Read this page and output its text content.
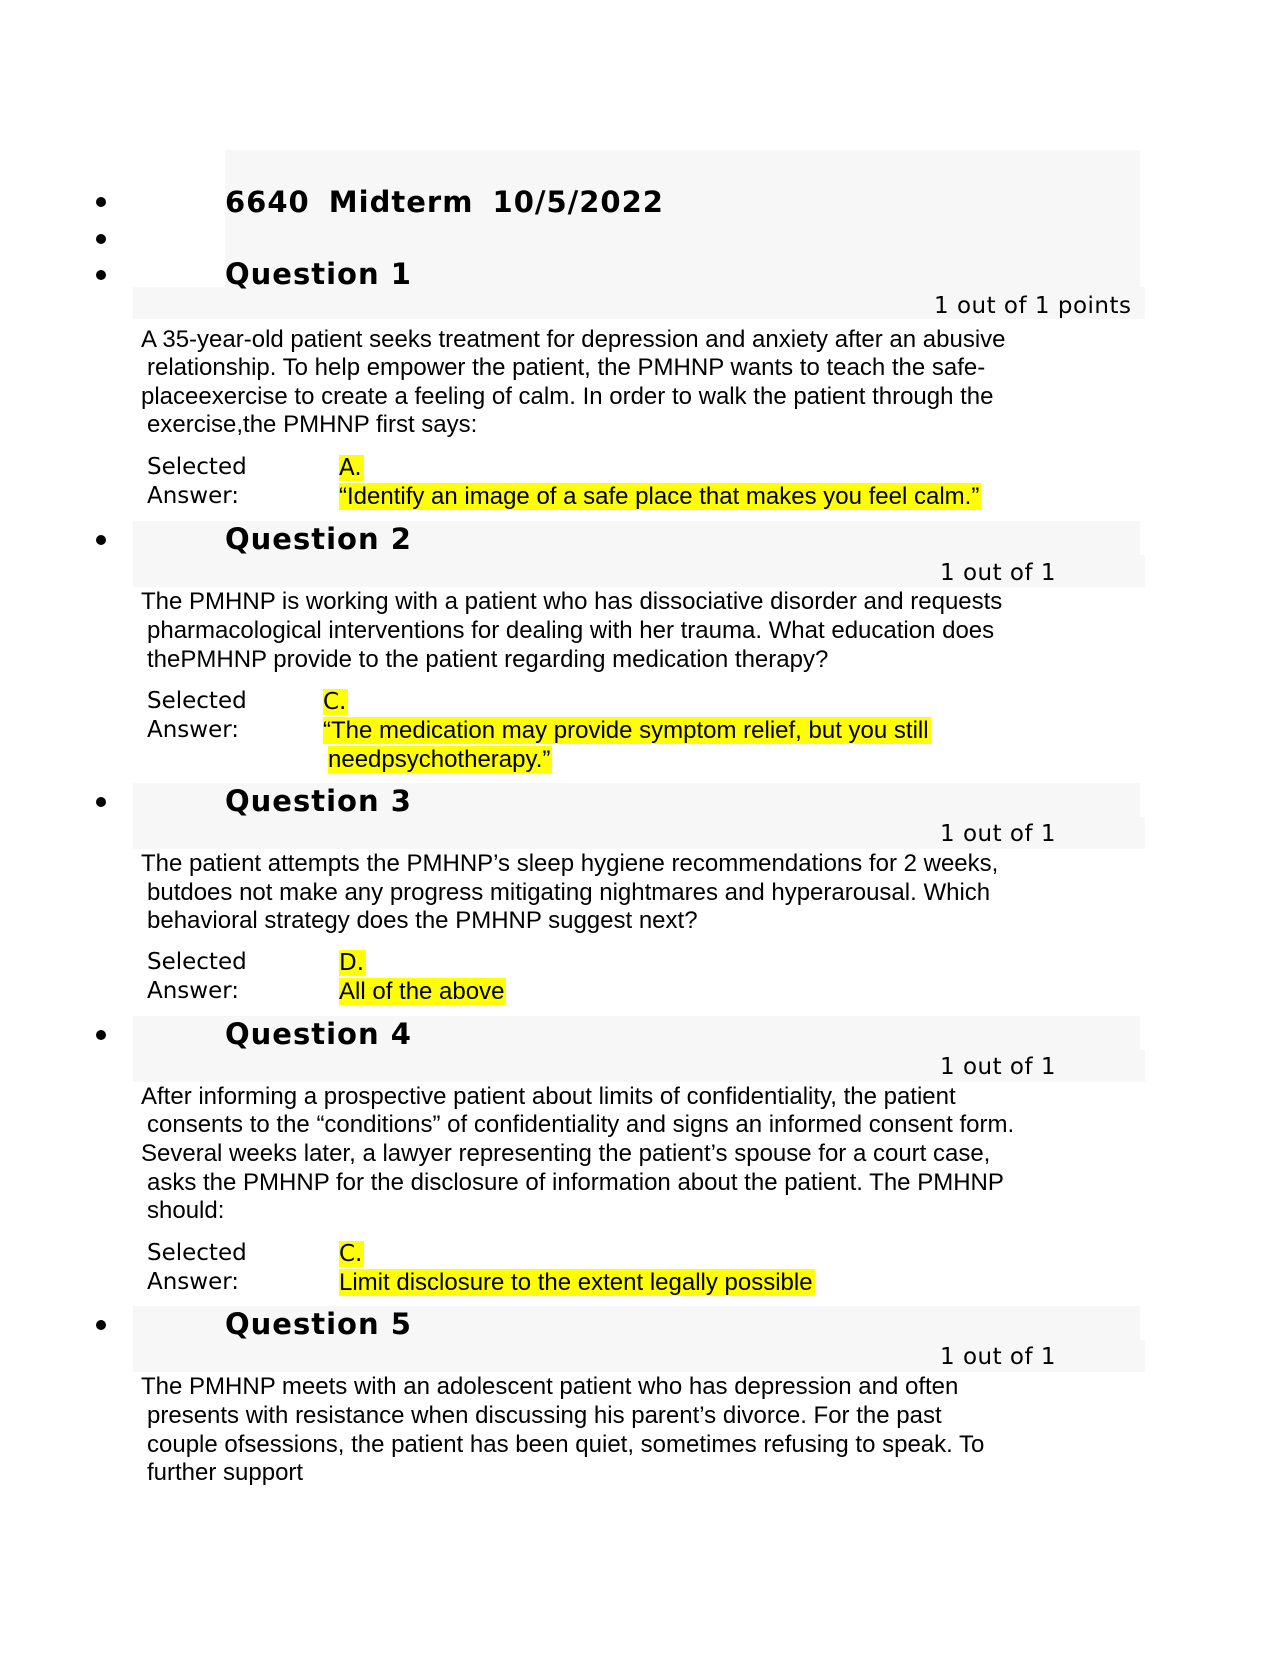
6640 Midterm 10/5/2022
Question 1
1 out of 1 points
A 35-year-old patient seeks treatment for depression and anxiety after an abusive
relationship. To help empower the patient, the PMHNP wants to teach the safe-
placeexercise to create a feeling of calm. In order to walk the patient through the
exercise,the PMHNP first says:
Selected
Answer:
A.
“Identify an image of a safe place that makes you feel calm.”
Question 2
1 out of 1
The PMHNP is working with a patient who has dissociative disorder and requests
pharmacological interventions for dealing with her trauma. What education does
thePMHNP provide to the patient regarding medication therapy?
Selected
Answer:
C.
“The medication may provide symptom relief, but you still
needpsychotherapy.”
Question 3
1 out of 1
The patient attempts the PMHNP’s sleep hygiene recommendations for 2 weeks,
butdoes not make any progress mitigating nightmares and hyperarousal. Which
behavioral strategy does the PMHNP suggest next?
Selected
Answer:
D.
All of the above
Question 4
1 out of 1
After informing a prospective patient about limits of confidentiality, the patient
consents to the “conditions” of confidentiality and signs an informed consent form.
Several weeks later, a lawyer representing the patient’s spouse for a court case,
asks the PMHNP for the disclosure of information about the patient. The PMHNP
should:
Selected
Answer:
C.
Limit disclosure to the extent legally possible
Question 5
1 out of 1
The PMHNP meets with an adolescent patient who has depression and often
presents with resistance when discussing his parent’s divorce. For the past
couple ofsessions, the patient has been quiet, sometimes refusing to speak. To
further support
